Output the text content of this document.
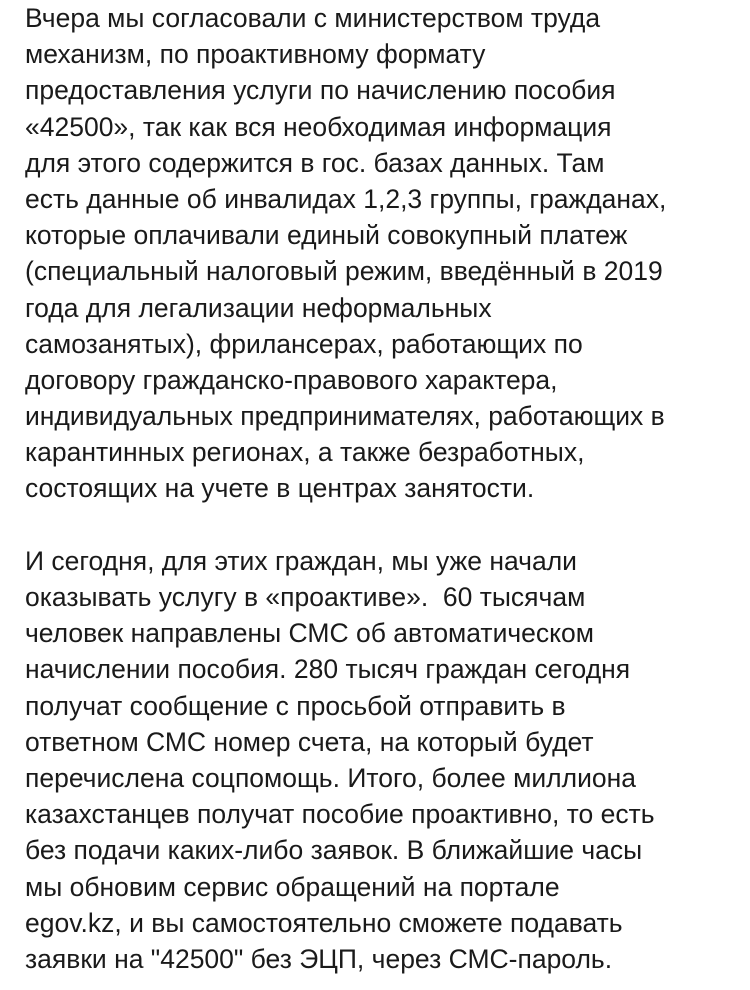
Вчера мы согласовали с министерством труда
механизм, по проактивному формату
предоставления услуги по начислению пособия
«42500», так как вся необходимая информация
для этого содержится в гос. базах данных. Там
есть данные об инвалидах 1,2,3 группы, гражданах,
которые оплачивали единый совокупный платеж
(специальный налоговый режим, введённый в 2019
года для легализации неформальных
самозанятых), фрилансерах, работающих по
договору гражданско-правового характера,
индивидуальных предпринимателях, работающих в
карантинных регионах, а также безработных,
состоящих на учете в центрах занятости.
И сегодня, для этих граждан, мы уже начали
оказывать услугу в «проактиве».  60 тысячам
человек направлены СМС об автоматическом
начислении пособия. 280 тысяч граждан сегодня
получат сообщение с просьбой отправить в
ответном СМС номер счета, на который будет
перечислена соцпомощь. Итого, более миллиона
казахстанцев получат пособие проактивно, то есть
без подачи каких-либо заявок. В ближайшие часы
мы обновим сервис обращений на портале
egov.kz, и вы самостоятельно сможете подавать
заявки на "42500" без ЭЦП, через СМС-пароль.
